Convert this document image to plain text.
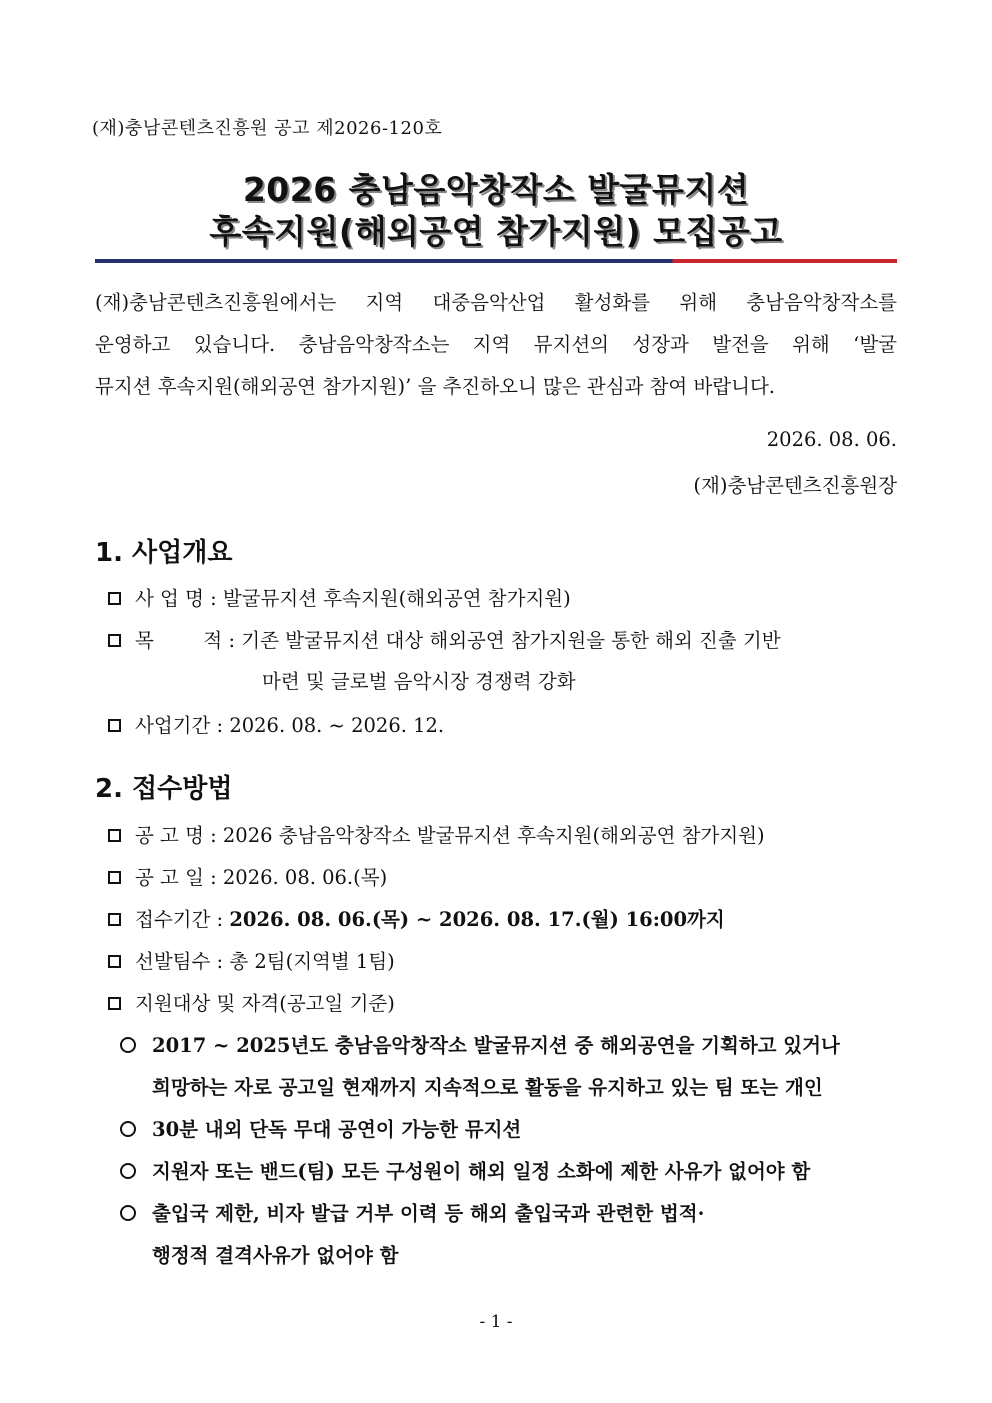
(재)충남콘텐츠진흥원 공고 제2026-120호
2026 충남음악창작소 발굴뮤지션
후속지원(해외공연 참가지원) 모집공고
(재)충남콘텐츠진흥원에서는 지역 대중음악산업 활성화를 위해 충남음악창작소를
운영하고 있습니다. 충남음악창작소는 지역 뮤지션의 성장과 발전을 위해 ‘발굴
뮤지션 후속지원(해외공연 참가지원)’ 을 추진하오니 많은 관심과 참여 바랍니다.
2026. 08. 06.
(재)충남콘텐츠진흥원장
1. 사업개요
사 업 명 : 발굴뮤지션 후속지원(해외공연 참가지원)
목        적 : 기존 발굴뮤지션 대상 해외공연 참가지원을 통한 해외 진출 기반
마련 및 글로벌 음악시장 경쟁력 강화
사업기간 : 2026. 08. ~ 2026. 12.
2. 접수방법
공 고 명 : 2026 충남음악창작소 발굴뮤지션 후속지원(해외공연 참가지원)
공 고 일 : 2026. 08. 06.(목)
접수기간 : 2026. 08. 06.(목) ~ 2026. 08. 17.(월) 16:00까지
선발팀수 : 총 2팀(지역별 1팀)
지원대상 및 자격(공고일 기준)
2017 ~ 2025년도 충남음악창작소 발굴뮤지션 중 해외공연을 기획하고 있거나
희망하는 자로 공고일 현재까지 지속적으로 활동을 유지하고 있는 팀 또는 개인
30분 내외 단독 무대 공연이 가능한 뮤지션
지원자 또는 밴드(팀) 모든 구성원이 해외 일정 소화에 제한 사유가 없어야 함
출입국 제한, 비자 발급 거부 이력 등 해외 출입국과 관련한 법적·
행정적 결격사유가 없어야 함
- 1 -
